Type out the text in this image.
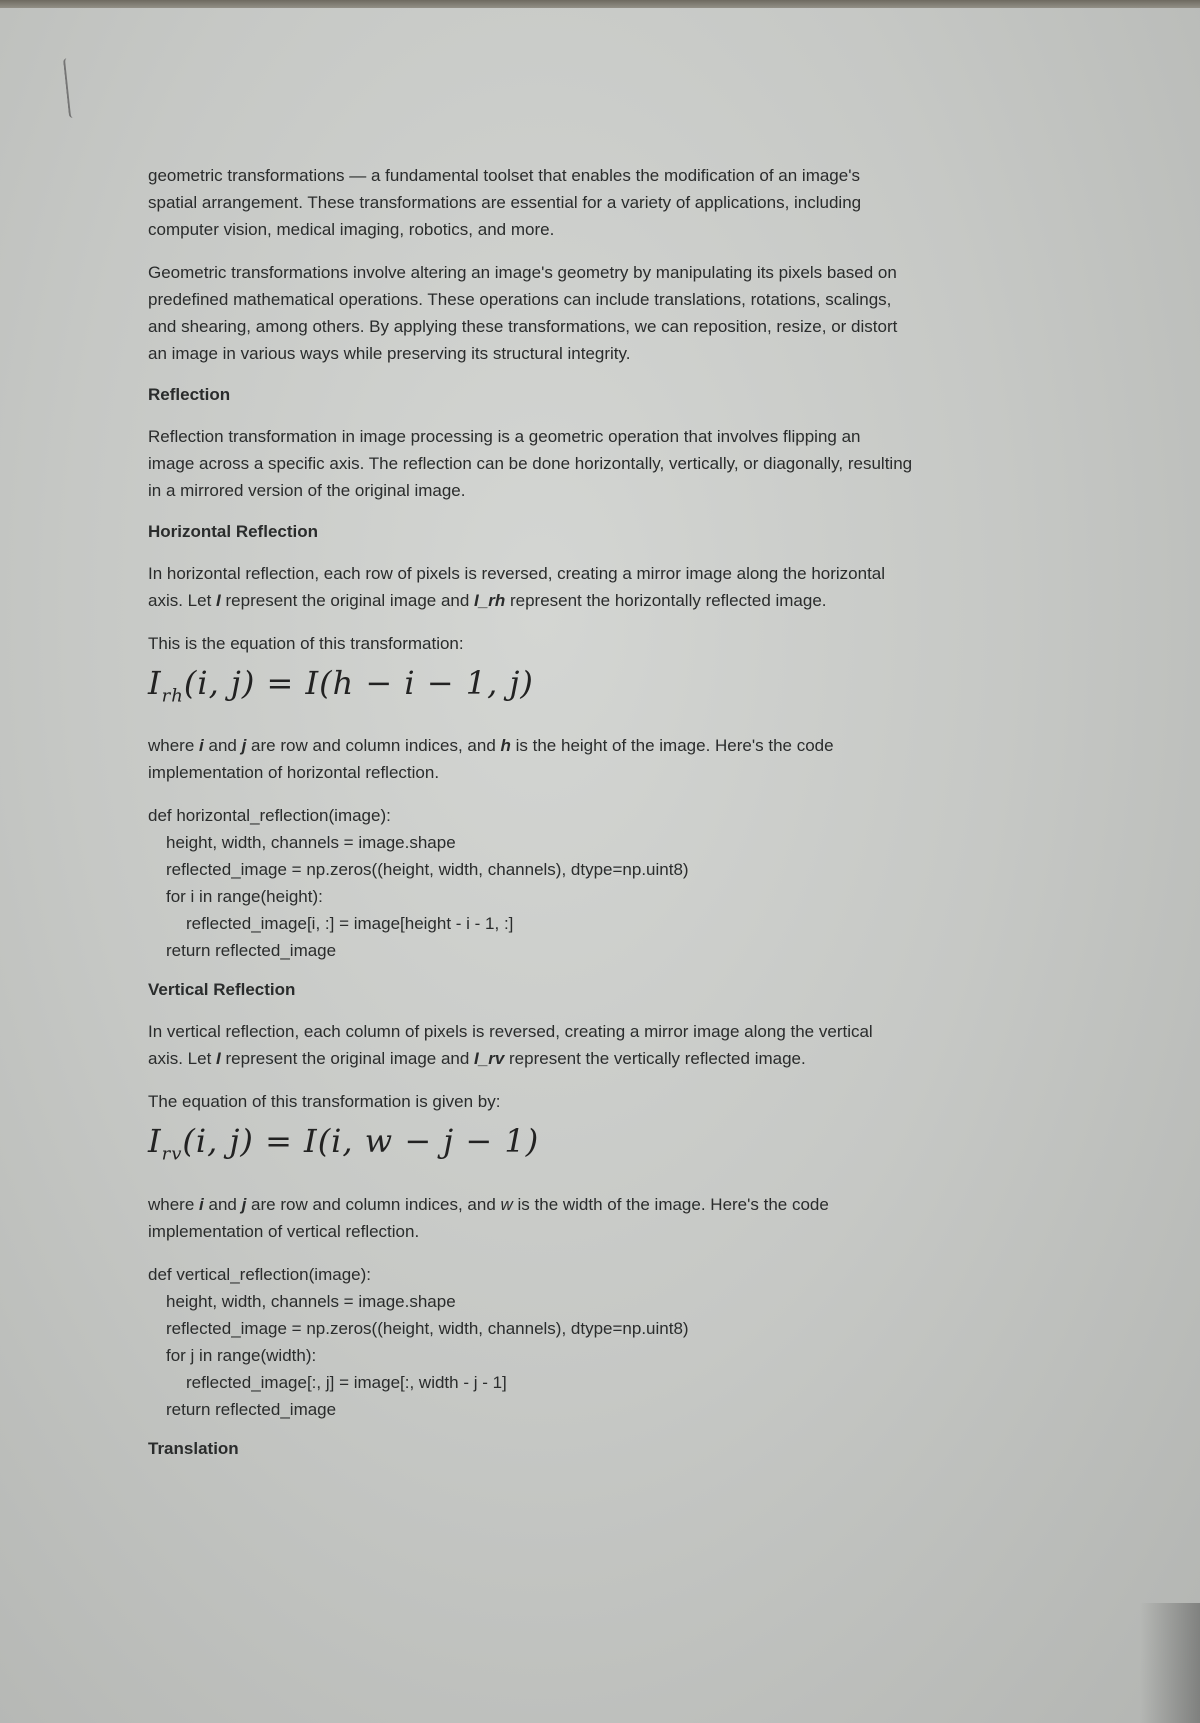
geometric transformations — a fundamental toolset that enables the modification of an image's
spatial arrangement. These transformations are essential for a variety of applications, including
computer vision, medical imaging, robotics, and more.

Geometric transformations involve altering an image's geometry by manipulating its pixels based on
predefined mathematical operations. These operations can include translations, rotations, scalings,
and shearing, among others. By applying these transformations, we can reposition, resize, or distort
an image in various ways while preserving its structural integrity.

Reflection

Reflection transformation in image processing is a geometric operation that involves flipping an
image across a specific axis. The reflection can be done horizontally, vertically, or diagonally, resulting
in a mirrored version of the original image.

Horizontal Reflection

In horizontal reflection, each row of pixels is reversed, creating a mirror image along the horizontal
axis. Let I represent the original image and I_rh represent the horizontally reflected image.

This is the equation of this transformation:

$I_{rh}(i$, j) = I(h − i − 1, j)

where i and j are row and column indices, and h is the height of the image. Here's the code
implementation of horizontal reflection.

def horizontal_reflection(image):
height, width, channels = image.shape
reflected_image = np.zeros((height, width, channels), dtype=np.uint8)
for i in range(height):
reflected_image[i, :] = image[height - i - 1, :]
return reflected_image
Vertical Reflection

In vertical reflection, each column of pixels is reversed, creating a mirror image along the vertical
axis. Let I represent the original image and I_rv represent the vertically reflected image.

The equation of this transformation is given by:

$I_{rv}(i$, j) = I(i, w − j − 1)

where i and j are row and column indices, and w is the width of the image. Here's the code
implementation of vertical reflection.

def vertical_reflection(image):
height, width, channels = image.shape
reflected_image = np.zeros((height, width, channels), dtype=np.uint8)
for j in range(width):
reflected_image[:, j] = image[:, width - j - 1]
return reflected_image
Translation
